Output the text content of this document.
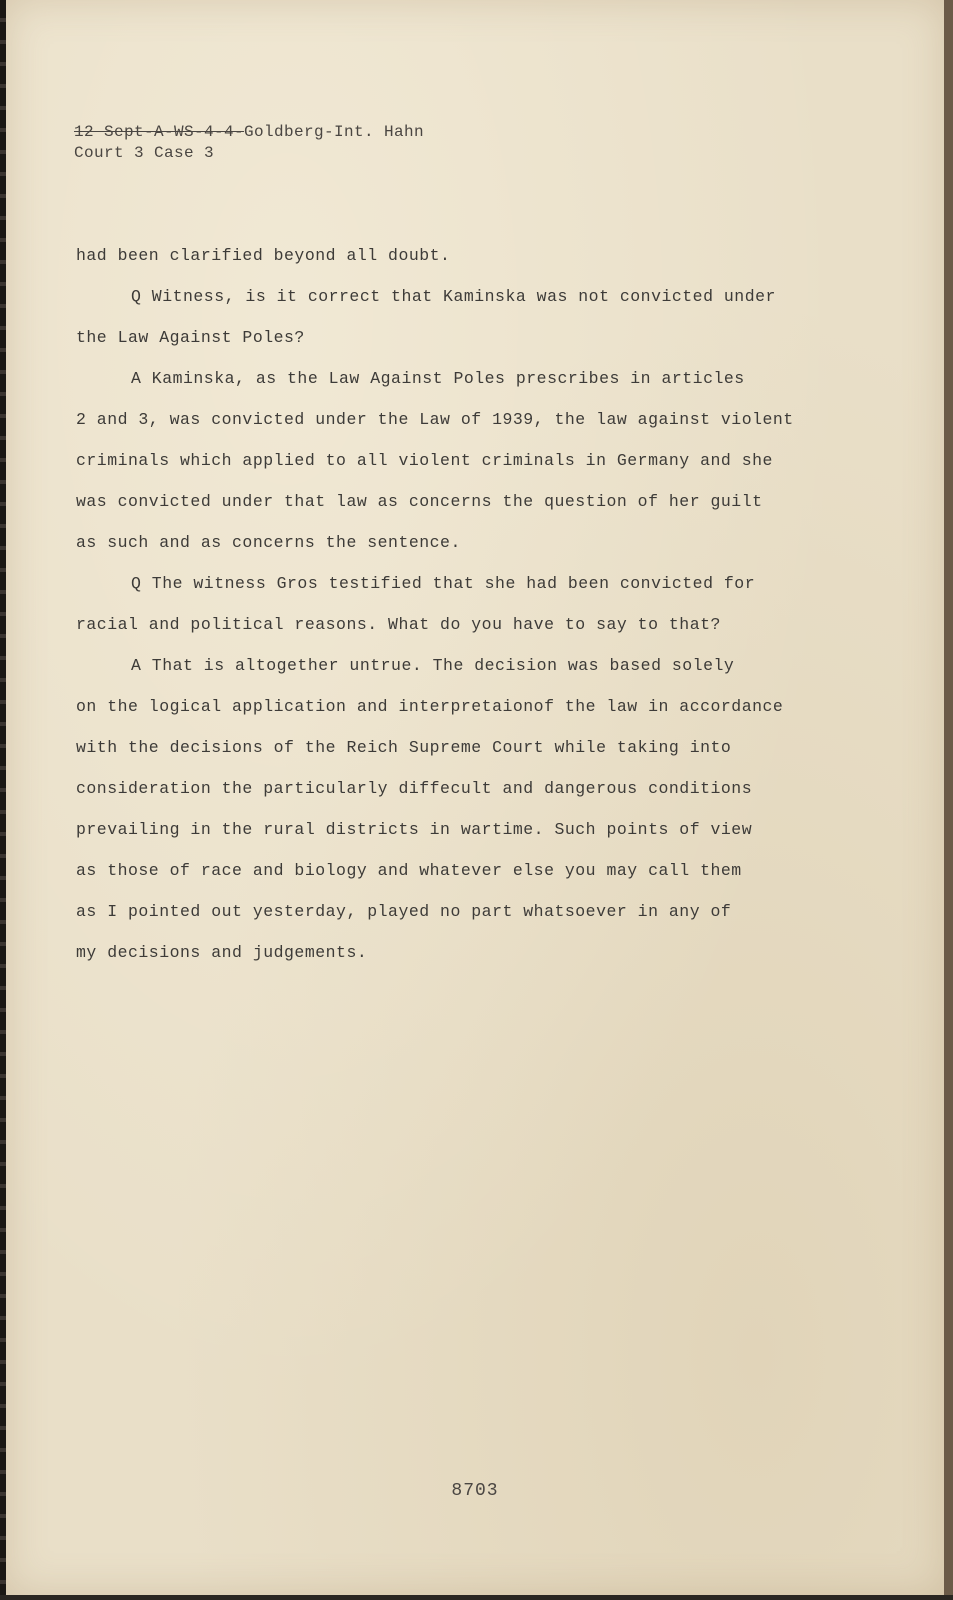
12 Sept-A-WS-4-4-Goldberg-Int. Hahn
Court 3 Case 3

had been clarified beyond all doubt.

Q Witness, is it correct that Kaminska was not convicted under

the Law Against Poles?

A Kaminska, as the Law Against Poles prescribes in articles

2 and 3, was convicted under the Law of 1939, the law against violent

criminals which applied to all violent criminals in Germany and she

was convicted under that law as concerns the question of her guilt

as such and as concerns the sentence.

Q The witness Gros testified that she had been convicted for

racial and political reasons. What do you have to say to that?

A That is altogether untrue. The decision was based solely

on the logical application and interpretaionof the law in accordance

with the decisions of the Reich Supreme Court while taking into

consideration the particularly diffecult and dangerous conditions

prevailing in the rural districts in wartime. Such points of view

as those of race and biology and whatever else you may call them

as I pointed out yesterday, played no part whatsoever in any of

my decisions and judgements.

8703
